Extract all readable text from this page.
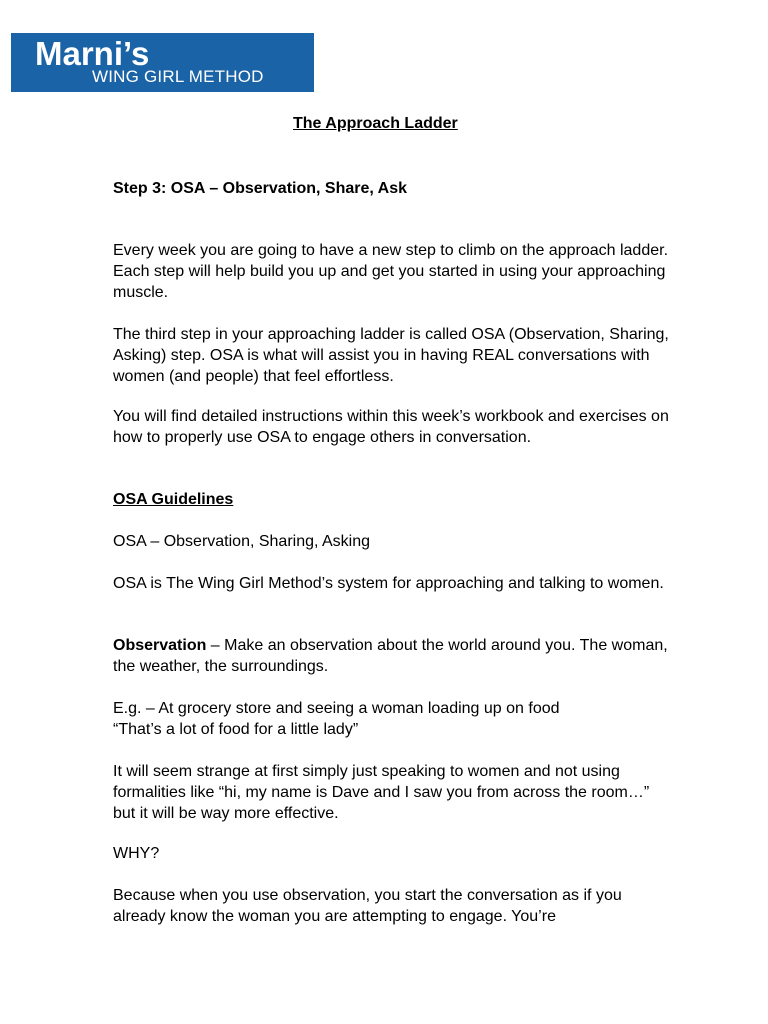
Marni’s
WING GIRL METHOD
The Approach Ladder

Step 3: OSA – Observation, Share, Ask

Every week you are going to have a new step to climb on the approach ladder. Each step will help build you up and get you started in using your approaching muscle.

The third step in your approaching ladder is called OSA (Observation, Sharing, Asking) step. OSA is what will assist you in having REAL conversations with women (and people) that feel effortless.

You will find detailed instructions within this week’s workbook and exercises on how to properly use OSA to engage others in conversation.

OSA Guidelines

OSA – Observation, Sharing, Asking

OSA is The Wing Girl Method’s system for approaching and talking to women.

Observation – Make an observation about the world around you. The woman, the weather, the surroundings.

E.g. – At grocery store and seeing a woman loading up on food

“That’s a lot of food for a little lady”

It will seem strange at first simply just speaking to women and not using formalities like “hi, my name is Dave and I saw you from across the room…” but it will be way more effective.

WHY?

Because when you use observation, you start the conversation as if you already know the woman you are attempting to engage. You’re
